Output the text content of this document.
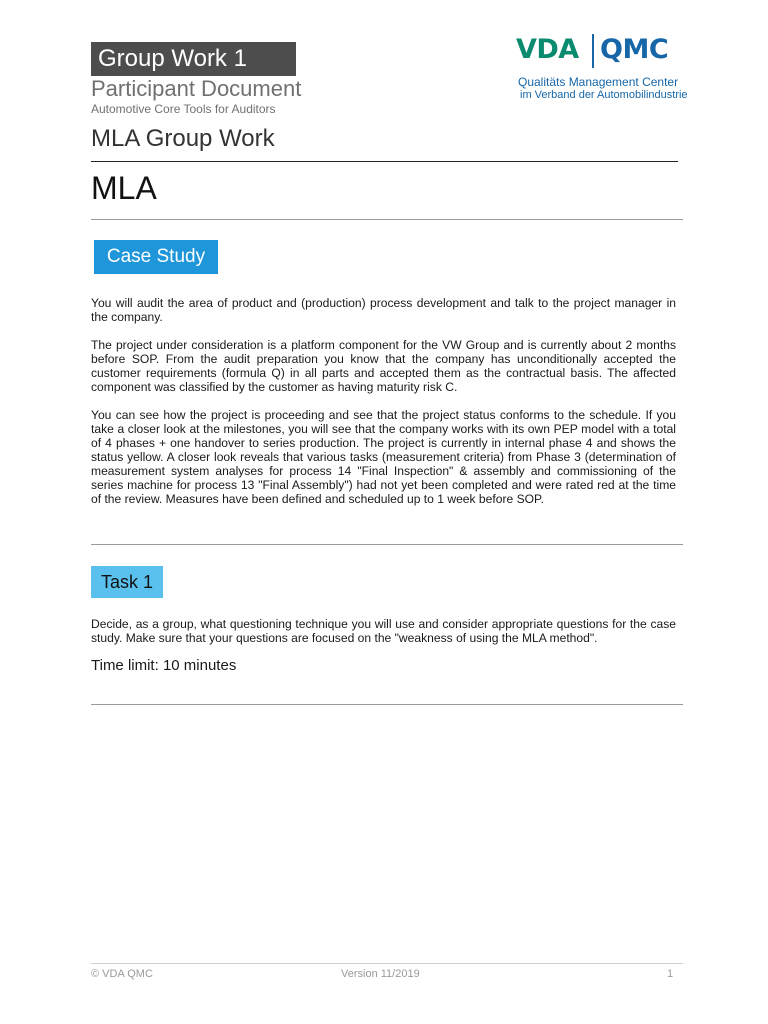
Group Work 1
Participant Document
Automotive Core Tools for Auditors
MLA Group Work
VDA QMC
Qualitäts Management Center
im Verband der Automobilindustrie
MLA
Case Study
You will audit the area of product and (production) process development and talk to the project manager in the company.
The project under consideration is a platform component for the VW Group and is currently about 2 months before SOP. From the audit preparation you know that the company has unconditionally accepted the customer requirements (formula Q) in all parts and accepted them as the contractual basis. The affected component was classified by the customer as having maturity risk C.
You can see how the project is proceeding and see that the project status conforms to the schedule. If you take a closer look at the milestones, you will see that the company works with its own PEP model with a total of 4 phases + one handover to series production. The project is currently in internal phase 4 and shows the status yellow. A closer look reveals that various tasks (measurement criteria) from Phase 3 (determination of measurement system analyses for process 14 "Final Inspection" & assembly and commissioning of the series machine for process 13 "Final Assembly") had not yet been completed and were rated red at the time of the review. Measures have been defined and scheduled up to 1 week before SOP.
Task 1
Decide, as a group, what questioning technique you will use and consider appropriate questions for the case study. Make sure that your questions are focused on the "weakness of using the MLA method".
Time limit: 10 minutes
© VDA QMC	Version 11/2019	1
